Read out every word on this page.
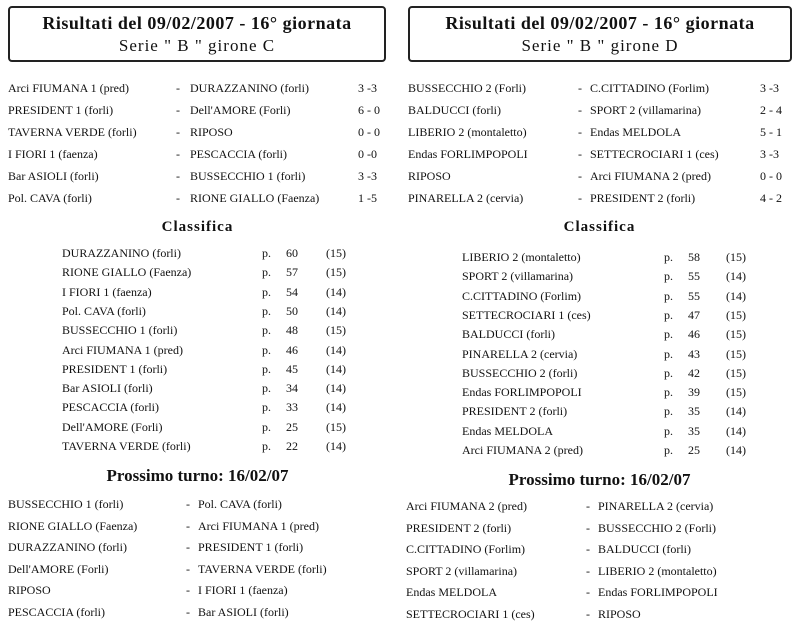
Risultati del 09/02/2007 - 16° giornata
Serie " B " girone C
Classifica
Prossimo turno: 16/02/07
Arci FIUMANA 1 (pred)	- DURAZZANINO (forli)	3 -3
PRESIDENT 1 (forli)	- Dell'AMORE (Forli)	6 - 0
TAVERNA VERDE (forli)	- RIPOSO	0 - 0
I FIORI 1 (faenza)	- PESCACCIA (forli)	0 -0
Bar ASIOLI (forli)	- BUSSECCHIO 1 (forli)	3 -3
Pol. CAVA (forli)	- RIONE GIALLO (Faenza)	1 -5
DURAZZANINO (forli)	p. 60 (15)
RIONE GIALLO (Faenza)	p. 57 (15)
I FIORI 1 (faenza)	p. 54 (14)
Pol. CAVA (forli)	p. 50 (14)
BUSSECCHIO 1 (forli)	p. 48 (15)
Arci FIUMANA 1 (pred)	p. 46 (14)
PRESIDENT 1 (forli)	p. 45 (14)
Bar ASIOLI (forli)	p. 34 (14)
PESCACCIA (forli)	p. 33 (14)
Dell'AMORE (Forli)	p. 25 (15)
TAVERNA VERDE (forli)	p. 22 (14)
BUSSECCHIO 1 (forli)	- Pol. CAVA (forli)
RIONE GIALLO (Faenza)	- Arci FIUMANA 1 (pred)
DURAZZANINO (forli)	- PRESIDENT 1 (forli)
Dell'AMORE (Forli)	- TAVERNA VERDE (forli)
RIPOSO	- I FIORI 1 (faenza)
PESCACCIA (forli)	- Bar ASIOLI (forli)
Risultati del 09/02/2007 - 16° giornata
Serie " B " girone D
Classifica
Prossimo turno: 16/02/07
BUSSECCHIO 2 (Forli)	- C.CITTADINO (Forlim)	3 -3
BALDUCCI (forli)	- SPORT 2 (villamarina)	2 - 4
LIBERIO 2 (montaletto)	- Endas MELDOLA	5 - 1
Endas FORLIMPOPOLI	- SETTECROCIARI 1 (ces)	3 -3
RIPOSO	- Arci FIUMANA 2 (pred)	0 - 0
PINARELLA 2 (cervia)	- PRESIDENT 2 (forli)	4 - 2
LIBERIO 2 (montaletto)	p. 58 (15)
SPORT 2 (villamarina)	p. 55 (14)
C.CITTADINO (Forlim)	p. 55 (14)
SETTECROCIARI 1 (ces)	p. 47 (15)
BALDUCCI (forli)	p. 46 (15)
PINARELLA 2 (cervia)	p. 43 (15)
BUSSECCHIO 2 (forli)	p. 42 (15)
Endas FORLIMPOPOLI	p. 39 (15)
PRESIDENT 2 (forli)	p. 35 (14)
Endas MELDOLA	p. 35 (14)
Arci FIUMANA 2 (pred)	p. 25 (14)
Arci FIUMANA 2 (pred)	- PINARELLA 2 (cervia)
PRESIDENT 2 (forli)	- BUSSECCHIO 2 (Forli)
C.CITTADINO (Forlim)	- BALDUCCI (forli)
SPORT 2 (villamarina)	- LIBERIO 2 (montaletto)
Endas MELDOLA	- Endas FORLIMPOPOLI
SETTECROCIARI 1 (ces)	- RIPOSO
